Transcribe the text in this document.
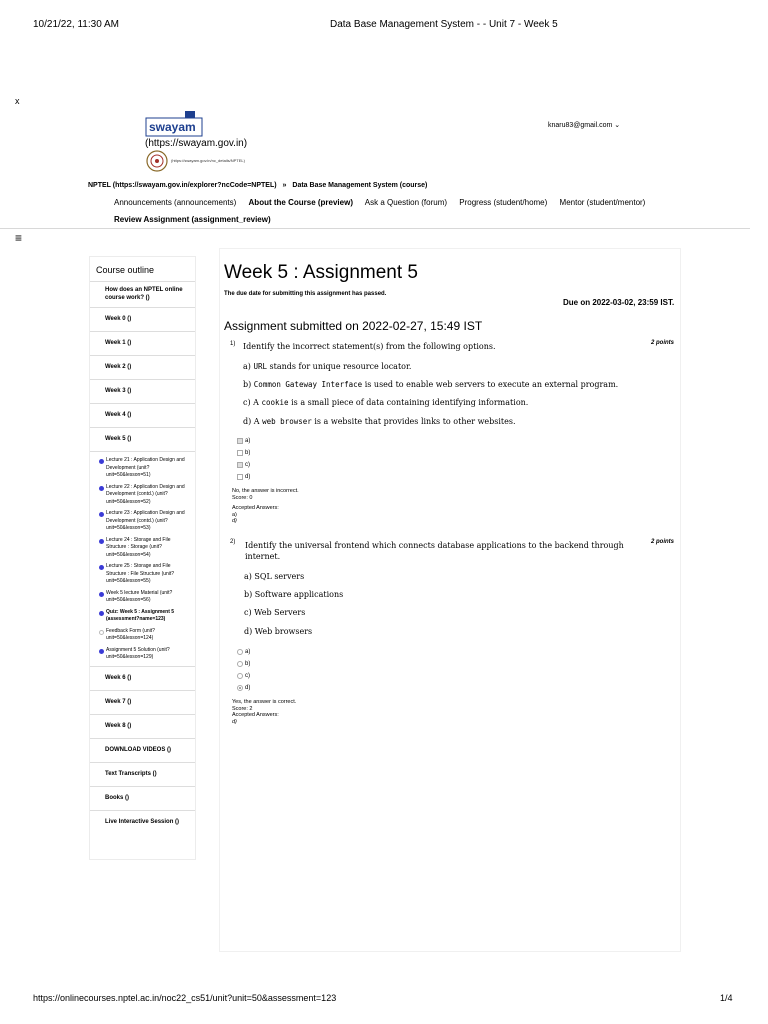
10/21/22, 11:30 AM	Data Base Management System - - Unit 7 - Week 5
x
swayam
(https://swayam.gov.in)
(https://swayam.gov.in/nc_details/NPTEL)
knaru83@gmail.com ⌄
NPTEL (https://swayam.gov.in/explorer?ncCode=NPTEL) » Data Base Management System (course)
Announcements (announcements) About the Course (preview) Ask a Question (forum) Progress (student/home) Mentor (student/mentor)
Review Assignment (assignment_review)
≡
Course outline
How does an NPTEL online course work? ()
Week 0 ()
Week 1 ()
Week 2 ()
Week 3 ()
Week 4 ()
Week 5 ()
Lecture 21 : Application Design and Development (unit?unit=50&lesson=51)
Lecture 22 : Application Design and Development (contd.) (unit?unit=50&lesson=52)
Lecture 23 : Application Design and Development (contd.) (unit?unit=50&lesson=53)
Lecture 24 : Storage and File Structure : Storage (unit?unit=50&lesson=54)
Lecture 25 : Storage and File Structure : File Structure (unit?unit=50&lesson=55)
Week 5 lecture Material (unit?unit=50&lesson=56)
Quiz: Week 5 : Assignment 5 (assessment?name=123)
Feedback Form (unit?unit=50&lesson=124)
Assignment 5 Solution (unit?unit=50&lesson=129)
Week 6 ()
Week 7 ()
Week 8 ()
DOWNLOAD VIDEOS ()
Text Transcripts ()
Books ()
Live Interactive Session ()
Week 5 : Assignment 5
The due date for submitting this assignment has passed.
Due on 2022-03-02, 23:59 IST.
Assignment submitted on 2022-02-27, 15:49 IST
1) Identify the incorrect statement(s) from the following options.	2 points
a) URL stands for unique resource locator.
b) Common Gateway Interface is used to enable web servers to execute an external program.
c) A cookie is a small piece of data containing identifying information.
d) A web browser is a website that provides links to other websites.
a)
b)
c)
d)
No, the answer is incorrect.
Score: 0
Accepted Answers:
a)
d)
2) Identify the universal frontend which connects database applications to the backend through
internet.
2 points
a) SQL servers
b) Software applications
c) Web Servers
d) Web browsers
a)
b)
c)
d)
Yes, the answer is correct.
Score: 2
Accepted Answers:
d)
https://onlinecourses.nptel.ac.in/noc22_cs51/unit?unit=50&assessment=123	1/4
